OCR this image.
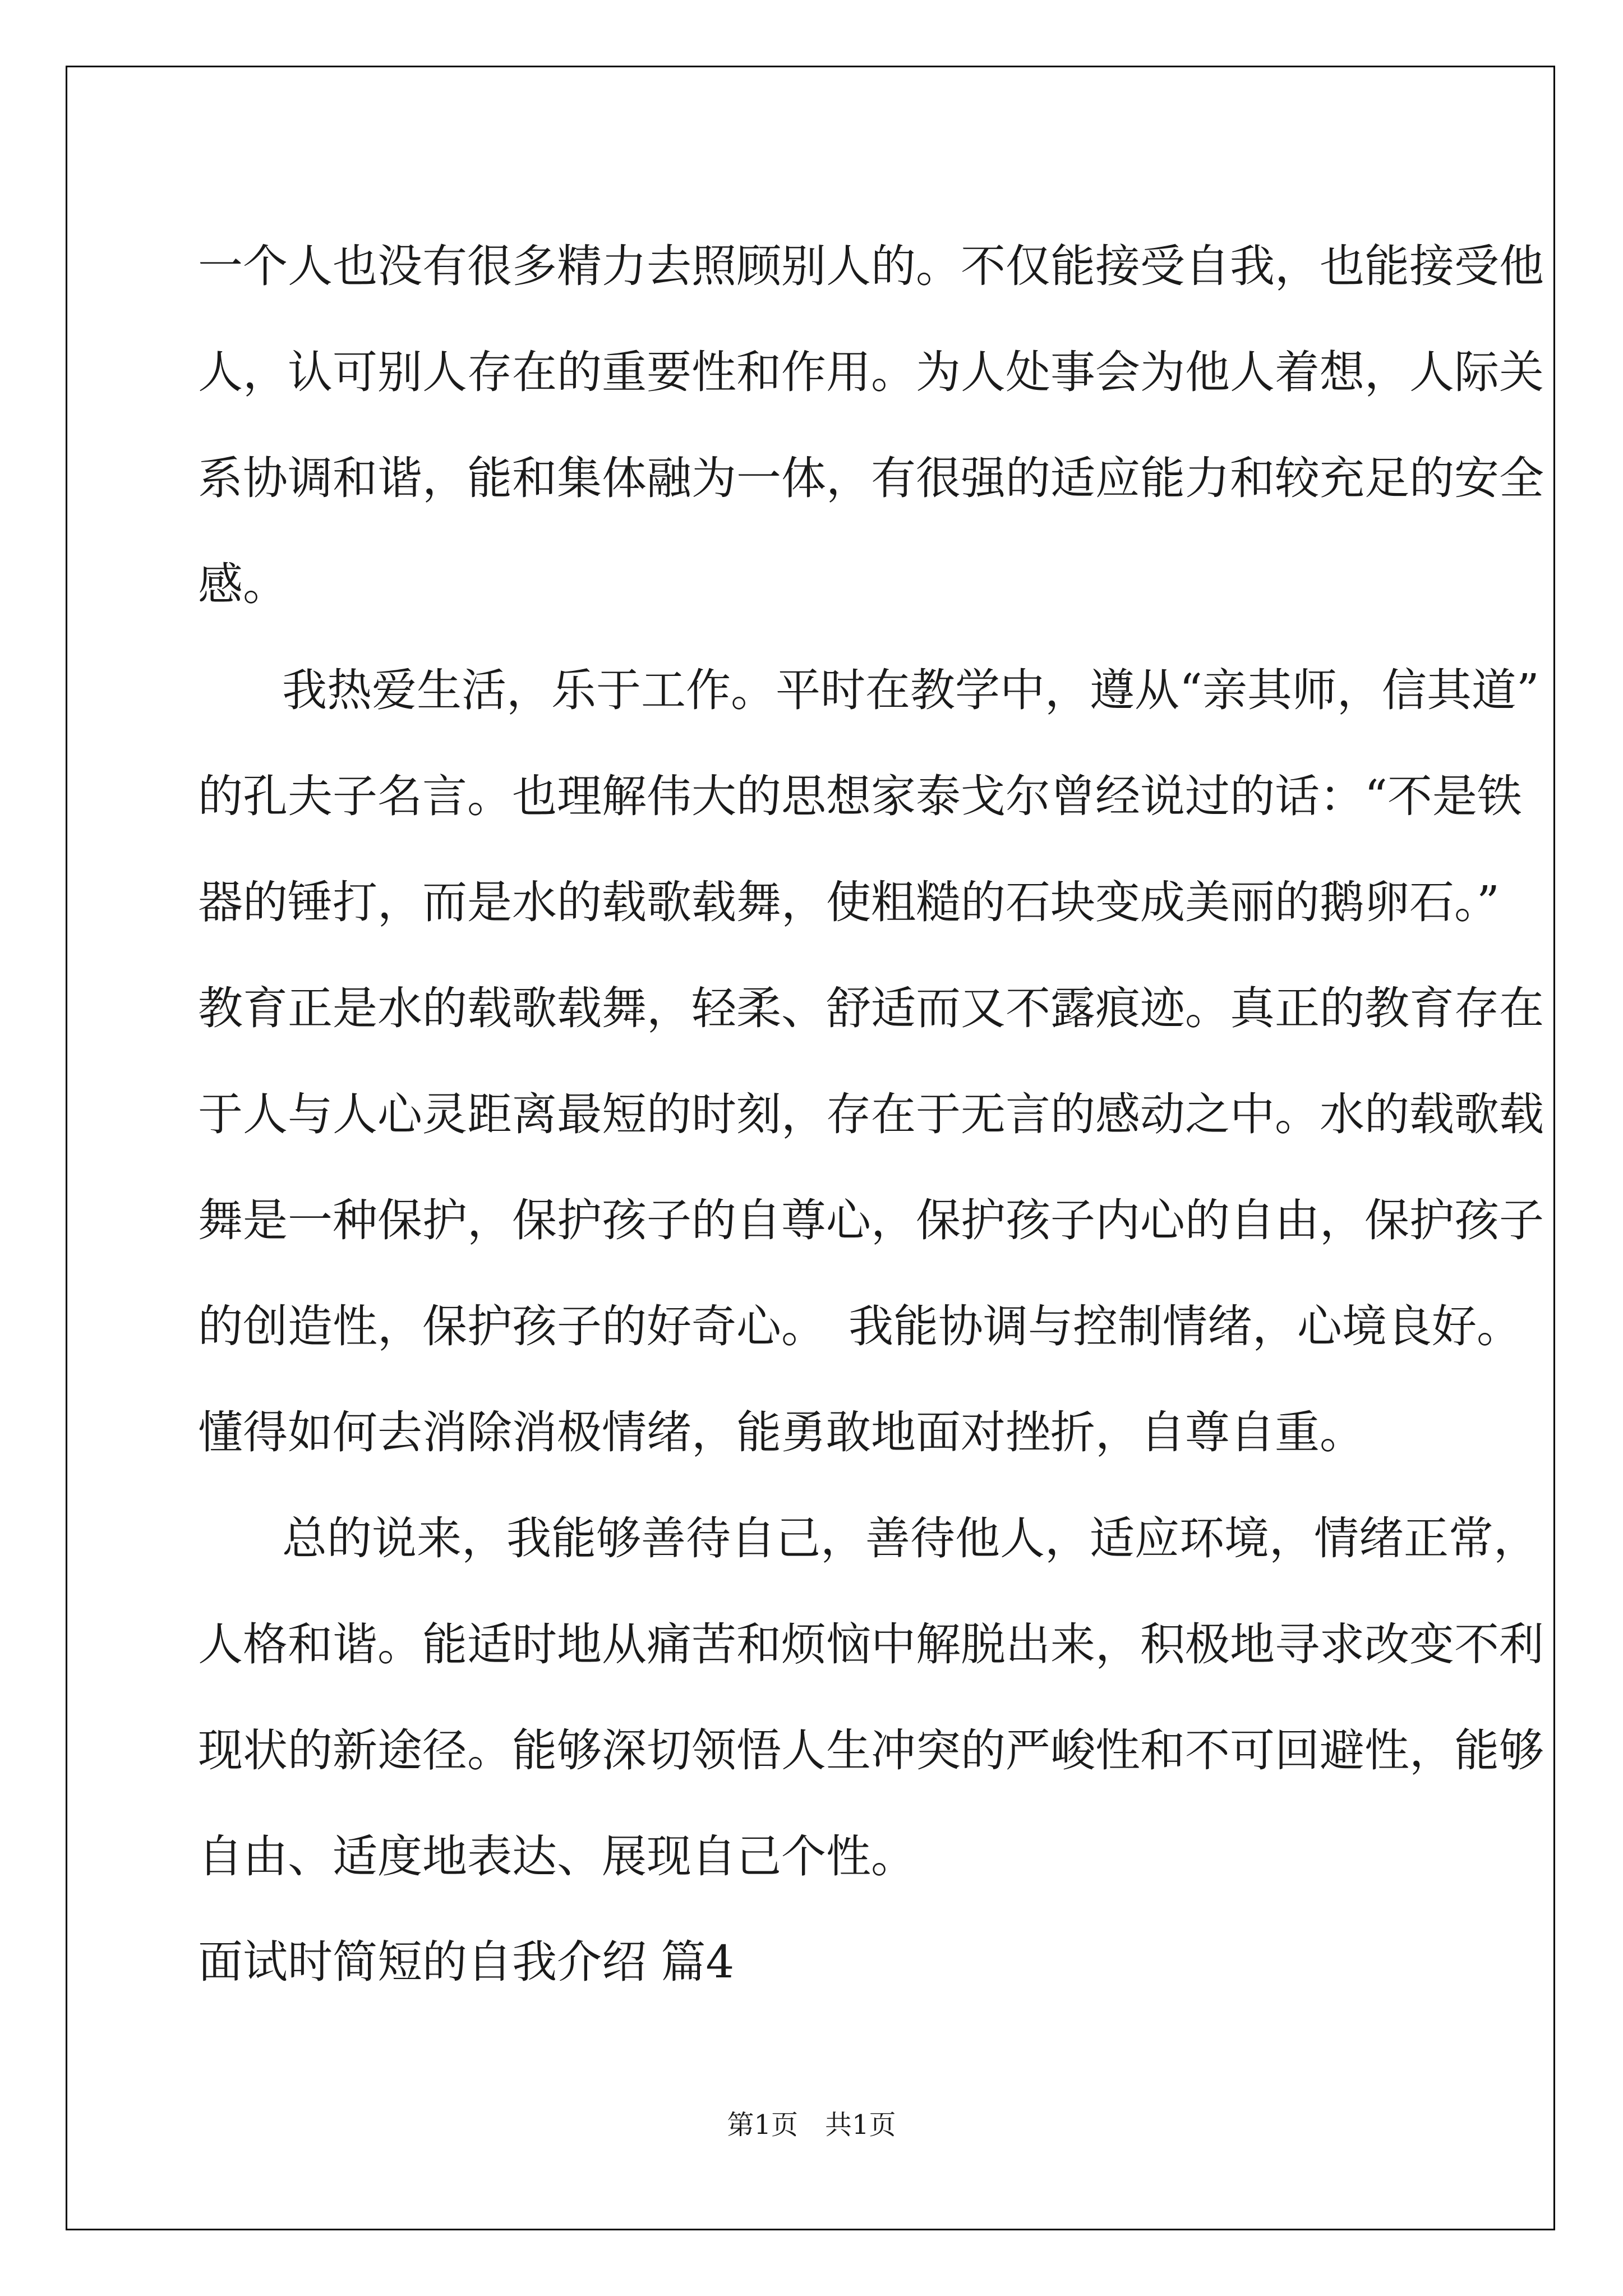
一个人也没有很多精力去照顾别人的。不仅能接受自我，也能接受他
人，认可别人存在的重要性和作用。为人处事会为他人着想，人际关
系协调和谐，能和集体融为一体，有很强的适应能力和较充足的安全
感。
我热爱生活，乐于工作。平时在教学中，遵从“亲其师，信其道”
的孔夫子名言。也理解伟大的思想家泰戈尔曾经说过的话：“不是铁
器的锤打，而是水的载歌载舞，使粗糙的石块变成美丽的鹅卵石。”
教育正是水的载歌载舞，轻柔、舒适而又不露痕迹。真正的教育存在
于人与人心灵距离最短的时刻，存在于无言的感动之中。水的载歌载
舞是一种保护，保护孩子的自尊心，保护孩子内心的自由，保护孩子
的创造性，保护孩子的好奇心。　我能协调与控制情绪，心境良好。
懂得如何去消除消极情绪，能勇敢地面对挫折，自尊自重。
总的说来，我能够善待自己，善待他人，适应环境，情绪正常，
人格和谐。能适时地从痛苦和烦恼中解脱出来，积极地寻求改变不利
现状的新途径。能够深切领悟人生冲突的严峻性和不可回避性，能够
自由、适度地表达、展现自己个性。
面试时简短的自我介绍 篇4
第1页　共1页
